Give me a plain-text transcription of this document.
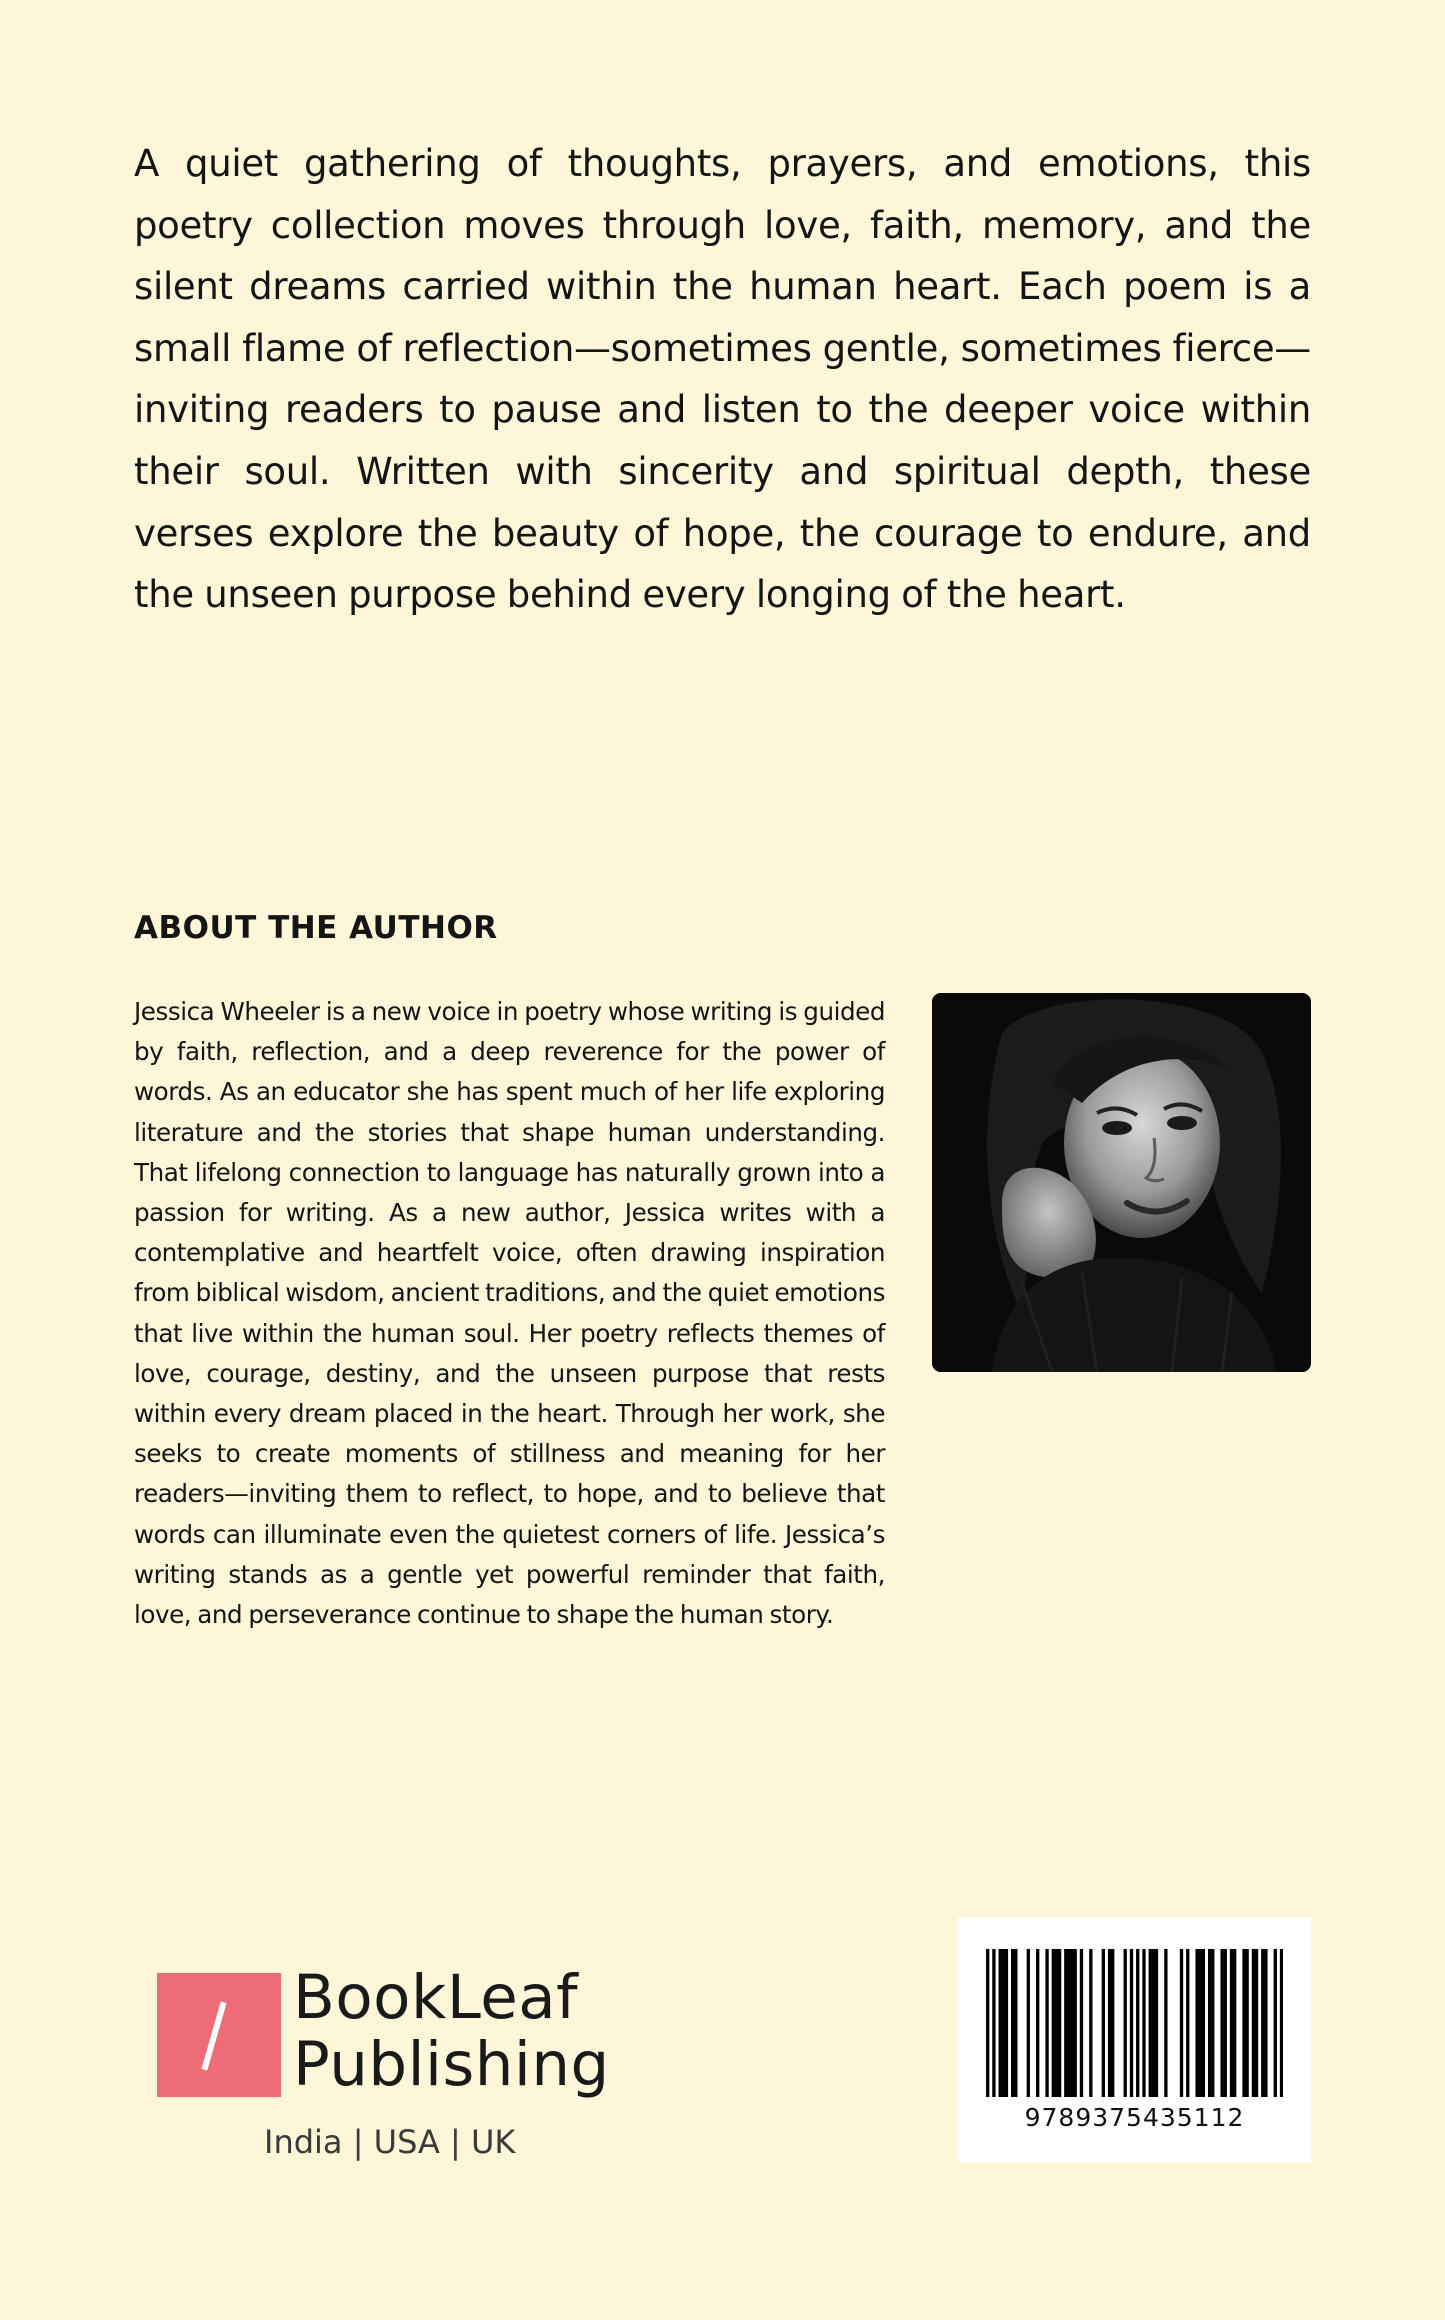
A quiet gathering of thoughts, prayers, and emotions, this poetry collection moves through love, faith, memory, and the silent dreams carried within the human heart. Each poem is a small flame of reflection—sometimes gentle, sometimes fierce—inviting readers to pause and listen to the deeper voice within their soul. Written with sincerity and spiritual depth, these verses explore the beauty of hope, the courage to endure, and the unseen purpose behind every longing of the heart.

ABOUT THE AUTHOR

Jessica Wheeler is a new voice in poetry whose writing is guided by faith, reflection, and a deep reverence for the power of words. As an educator she has spent much of her life exploring literature and the stories that shape human understanding. That lifelong connection to language has naturally grown into a passion for writing. As a new author, Jessica writes with a contemplative and heartfelt voice, often drawing inspiration from biblical wisdom, ancient traditions, and the quiet emotions that live within the human soul. Her poetry reflects themes of love, courage, destiny, and the unseen purpose that rests within every dream placed in the heart. Through her work, she seeks to create moments of stillness and meaning for her readers—inviting them to reflect, to hope, and to believe that words can illuminate even the quietest corners of life. Jessica’s writing stands as a gentle yet powerful reminder that faith, love, and perseverance continue to shape the human story.

BookLeaf
Publishing
India | USA | UK
9789375435112
